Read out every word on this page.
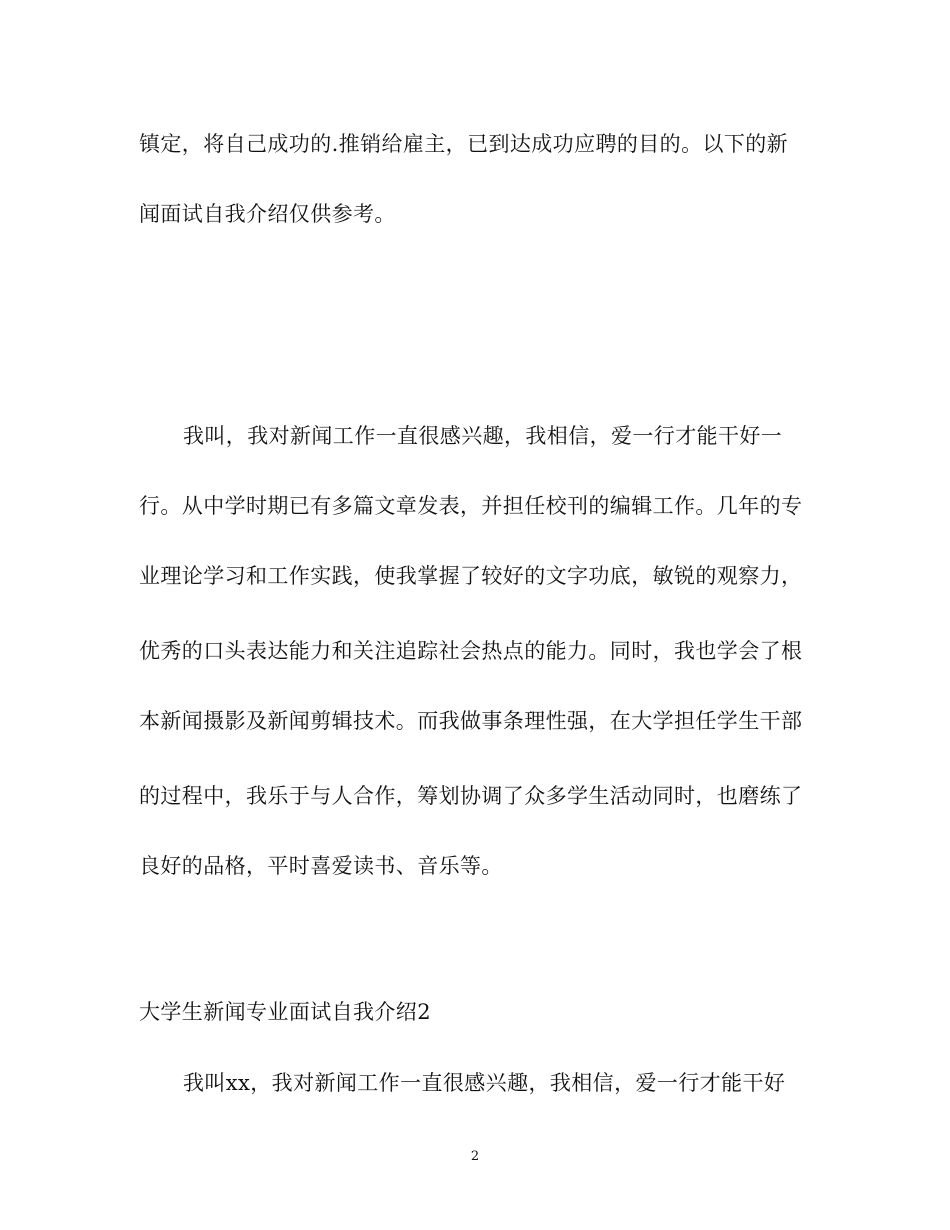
镇定，将自己成功的.推销给雇主，已到达成功应聘的目的。以下的新
闻面试自我介绍仅供参考。
我叫，我对新闻工作一直很感兴趣，我相信，爱一行才能干好一
行。从中学时期已有多篇文章发表，并担任校刊的编辑工作。几年的专
业理论学习和工作实践，使我掌握了较好的文字功底，敏锐的观察力，
优秀的口头表达能力和关注追踪社会热点的能力。同时，我也学会了根
本新闻摄影及新闻剪辑技术。而我做事条理性强，在大学担任学生干部
的过程中，我乐于与人合作，筹划协调了众多学生活动同时，也磨练了
良好的品格，平时喜爱读书、音乐等。
大学生新闻专业面试自我介绍2
我叫xx，我对新闻工作一直很感兴趣，我相信，爱一行才能干好
2
